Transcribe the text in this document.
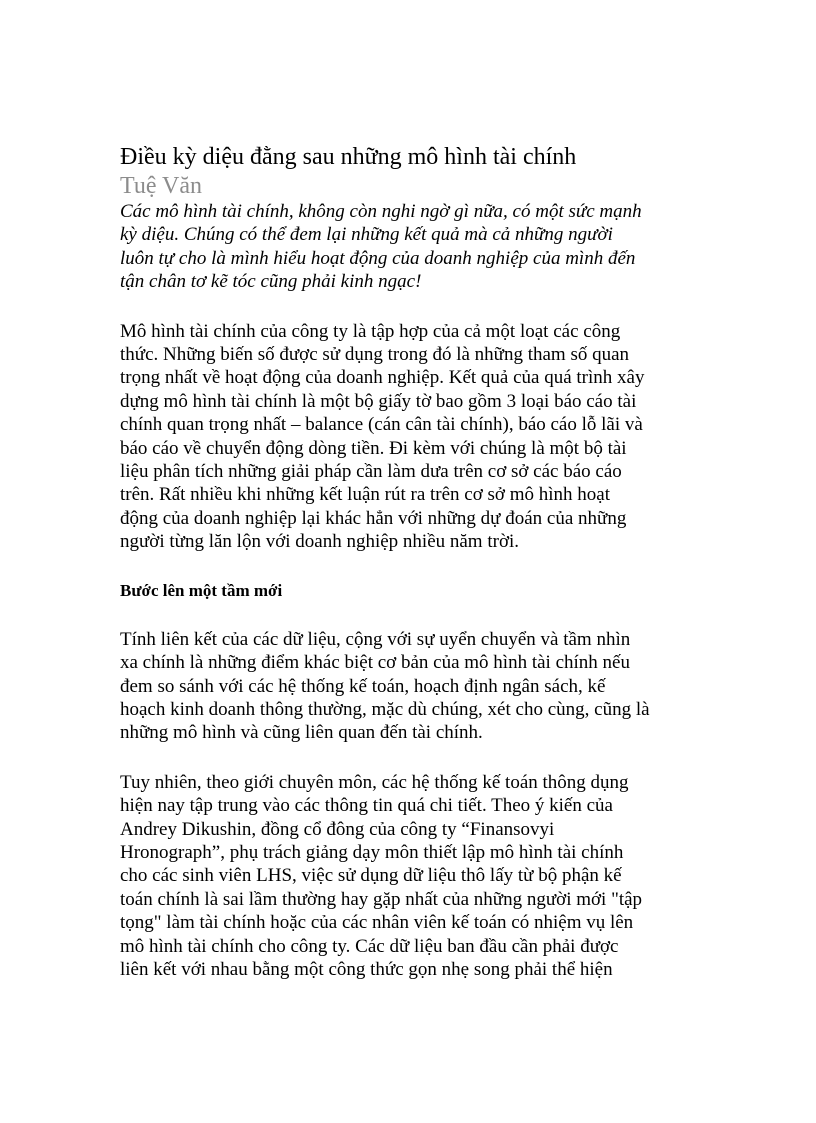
Điều kỳ diệu đằng sau những mô hình tài chính

Tuệ Văn

Các mô hình tài chính, không còn nghi ngờ gì nữa, có một sức mạnh
kỳ diệu. Chúng có thể đem lại những kết quả mà cả những người
luôn tự cho là mình hiểu hoạt động của doanh nghiệp của mình đến
tận chân tơ kẽ tóc cũng phải kinh ngạc!

Mô hình tài chính của công ty là tập hợp của cả một loạt các công
thức. Những biến số được sử dụng trong đó là những tham số quan
trọng nhất về hoạt động của doanh nghiệp. Kết quả của quá trình xây
dựng mô hình tài chính là một bộ giấy tờ bao gồm 3 loại báo cáo tài
chính quan trọng nhất – balance (cán cân tài chính), báo cáo lỗ lãi và
báo cáo về chuyển động dòng tiền. Đi kèm với chúng là một bộ tài
liệu phân tích những giải pháp cần làm dưa trên cơ sở các báo cáo
trên. Rất nhiều khi những kết luận rút ra trên cơ sở mô hình hoạt
động của doanh nghiệp lại khác hẳn với những dự đoán của những
người từng lăn lộn với doanh nghiệp nhiều năm trời.

Bước lên một tầm mới

Tính liên kết của các dữ liệu, cộng với sự uyển chuyển và tầm nhìn
xa chính là những điểm khác biệt cơ bản của mô hình tài chính nếu
đem so sánh với các hệ thống kế toán, hoạch định ngân sách, kế
hoạch kinh doanh thông thường, mặc dù chúng, xét cho cùng, cũng là
những mô hình và cũng liên quan đến tài chính.

Tuy nhiên, theo giới chuyên môn, các hệ thống kế toán thông dụng
hiện nay tập trung vào các thông tin quá chi tiết. Theo ý kiến của
Andrey Dikushin, đồng cổ đông của công ty “Finansovyi
Hronograph”, phụ trách giảng dạy môn thiết lập mô hình tài chính
cho các sinh viên LHS, việc sử dụng dữ liệu thô lấy từ bộ phận kế
toán chính là sai lầm thường hay gặp nhất của những người mới "tập
tọng" làm tài chính hoặc của các nhân viên kế toán có nhiệm vụ lên
mô hình tài chính cho công ty. Các dữ liệu ban đầu cần phải được
liên kết với nhau bằng một công thức gọn nhẹ song phải thể hiện
